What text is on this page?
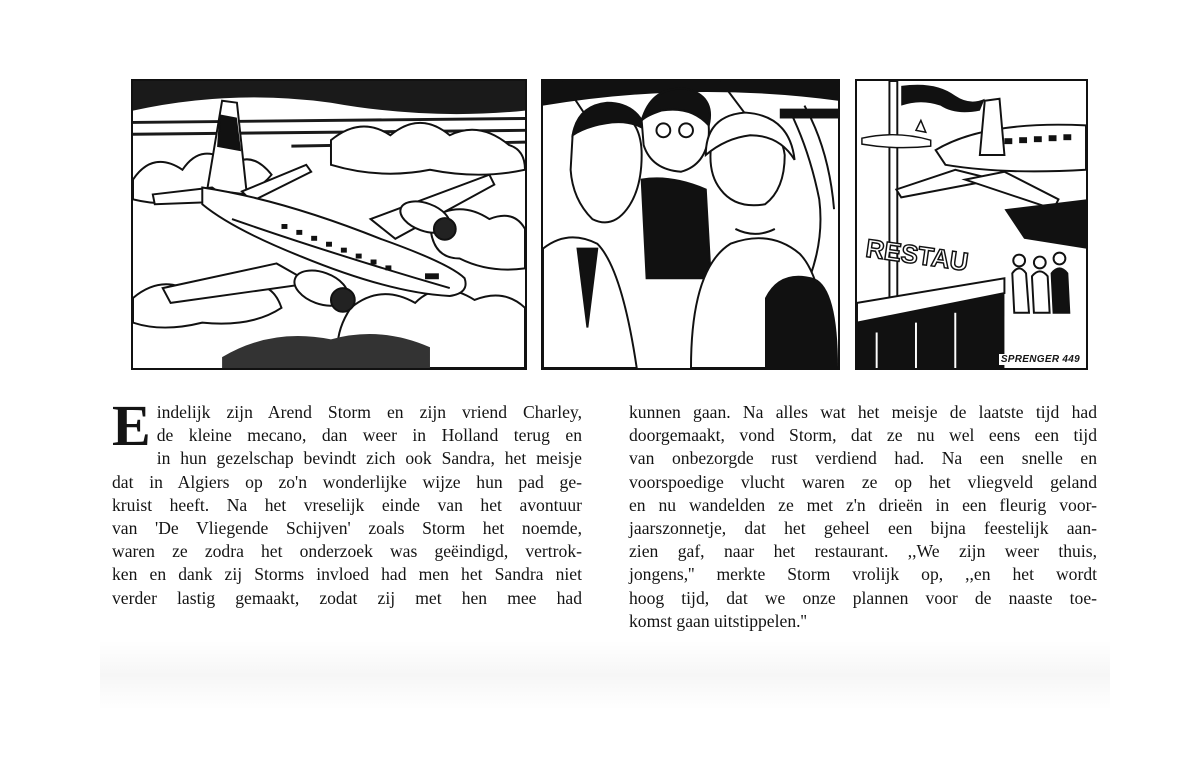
RESTAU
SPRENGER 449
E indelijk zijn Arend Storm en zijn vriend Charley,
de kleine mecano, dan weer in Holland terug en
in hun gezelschap bevindt zich ook Sandra, het meisje
dat in Algiers op zo'n wonderlijke wijze hun pad ge-
kruist heeft. Na het vreselijk einde van het avontuur
van 'De Vliegende Schijven' zoals Storm het noemde,
waren ze zodra het onderzoek was geëindigd, vertrok-
ken en dank zij Storms invloed had men het Sandra niet
verder lastig gemaakt, zodat zij met hen mee had
kunnen gaan. Na alles wat het meisje de laatste tijd had
doorgemaakt, vond Storm, dat ze nu wel eens een tijd
van onbezorgde rust verdiend had. Na een snelle en
voorspoedige vlucht waren ze op het vliegveld geland
en nu wandelden ze met z'n drieën in een fleurig voor-
jaarszonnetje, dat het geheel een bijna feestelijk aan-
zien gaf, naar het restaurant. ,,We zijn weer thuis,
jongens,'' merkte Storm vrolijk op, ,,en het wordt
hoog tijd, dat we onze plannen voor de naaste toe-
komst gaan uitstippelen.''
